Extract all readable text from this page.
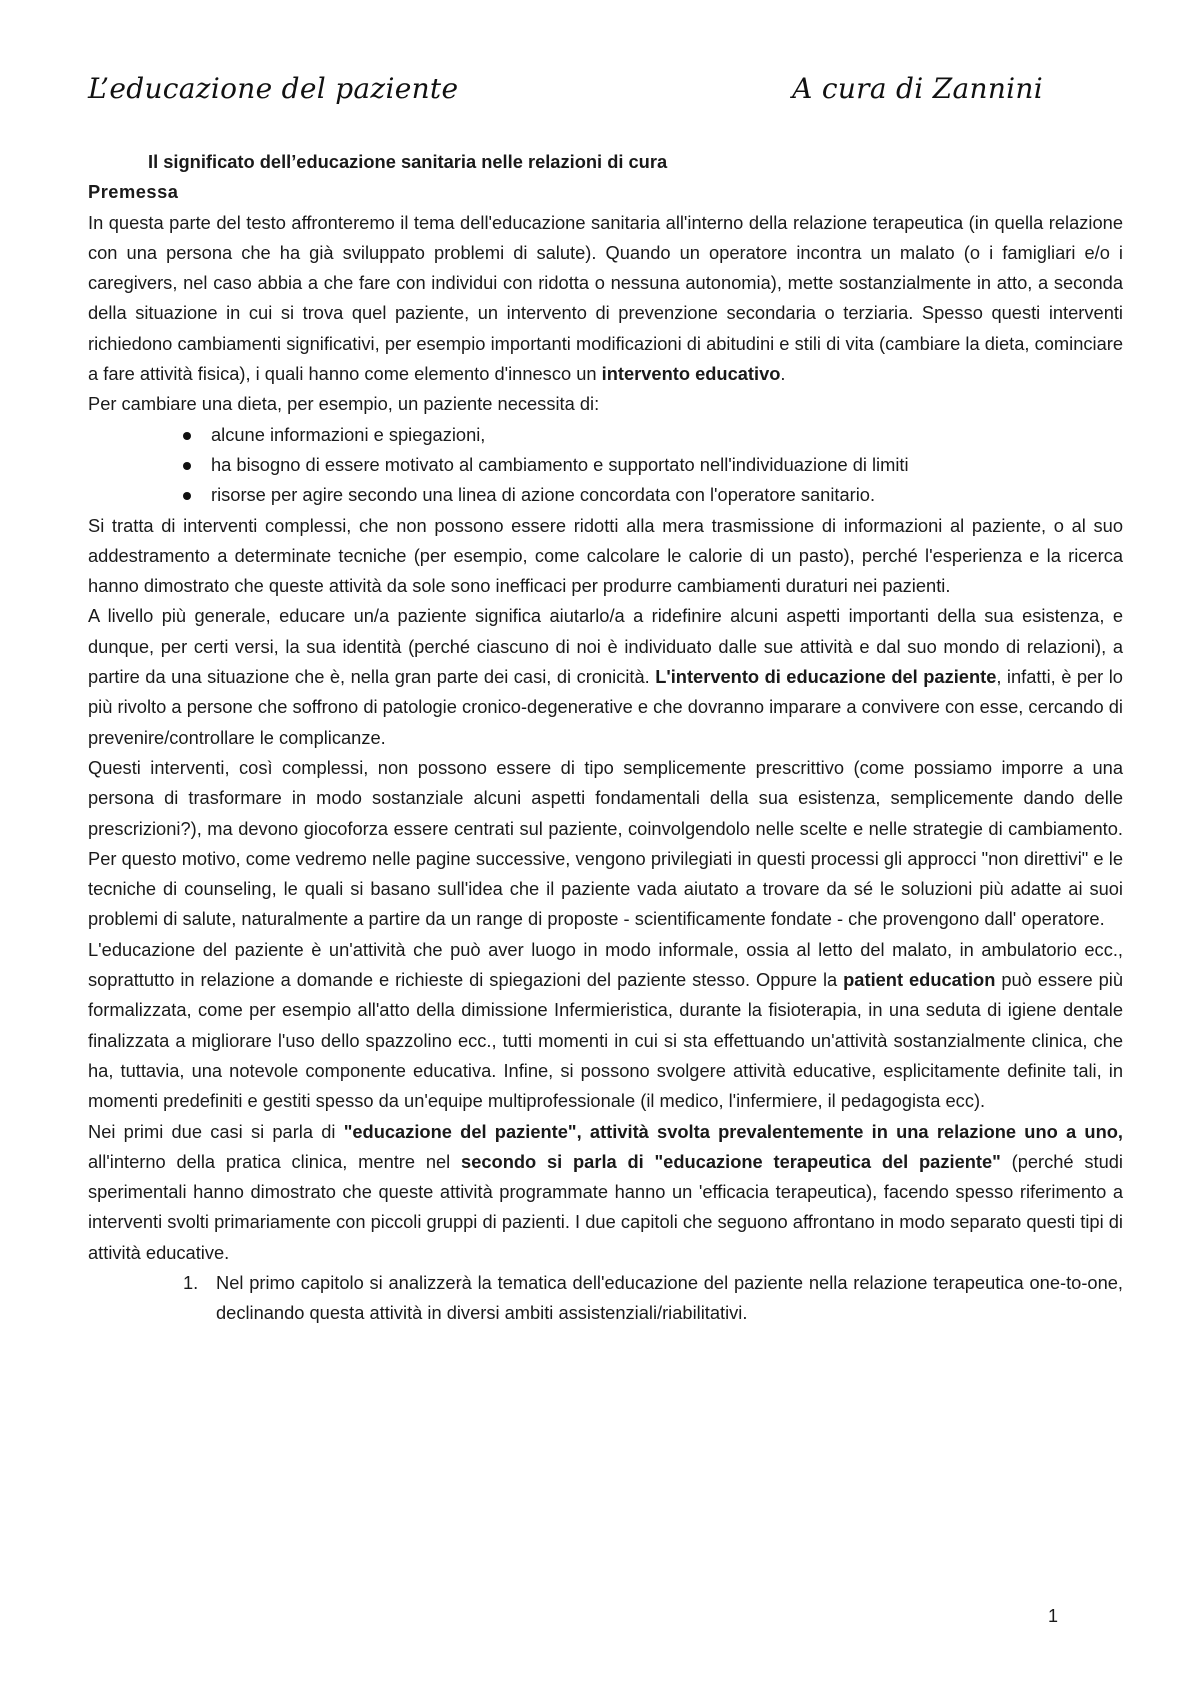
L’educazione del paziente	A cura di Zannini

Il significato dell’educazione sanitaria nelle relazioni di cura

Premessa

In questa parte del testo affronteremo il tema dell'educazione sanitaria all'interno della relazione terapeutica (in quella relazione con una persona che ha già sviluppato problemi di salute). Quando un operatore incontra un malato (o i famigliari e/o i caregivers, nel caso abbia a che fare con individui con ridotta o nessuna autonomia), mette sostanzialmente in atto, a seconda della situazione in cui si trova quel paziente, un intervento di prevenzione secondaria o terziaria. Spesso questi interventi richiedono cambiamenti significativi, per esempio importanti modificazioni di abitudini e stili di vita (cambiare la dieta, cominciare a fare attività fisica), i quali hanno come elemento d'innesco un intervento educativo.

Per cambiare una dieta, per esempio, un paziente necessita di:

alcune informazioni e spiegazioni,
ha bisogno di essere motivato al cambiamento e supportato nell'individuazione di limiti
risorse per agire secondo una linea di azione concordata con l'operatore sanitario.

Si tratta di interventi complessi, che non possono essere ridotti alla mera trasmissione di informazioni al paziente, o al suo addestramento a determinate tecniche (per esempio, come calcolare le calorie di un pasto), perché l'esperienza e la ricerca hanno dimostrato che queste attività da sole sono inefficaci per produrre cambiamenti duraturi nei pazienti.

A livello più generale, educare un/a paziente significa aiutarlo/a a ridefinire alcuni aspetti importanti della sua esistenza, e dunque, per certi versi, la sua identità (perché ciascuno di noi è individuato dalle sue attività e dal suo mondo di relazioni), a partire da una situazione che è, nella gran parte dei casi, di cronicità. L'intervento di educazione del paziente, infatti, è per lo più rivolto a persone che soffrono di patologie cronico-degenerative e che dovranno imparare a convivere con esse, cercando di prevenire/controllare le complicanze.

Questi interventi, così complessi, non possono essere di tipo semplicemente prescrittivo (come possiamo imporre a una persona di trasformare in modo sostanziale alcuni aspetti fondamentali della sua esistenza, semplicemente dando delle prescrizioni?), ma devono giocoforza essere centrati sul paziente, coinvolgendolo nelle scelte e nelle strategie di cambiamento. Per questo motivo, come vedremo nelle pagine successive, vengono privilegiati in questi processi gli approcci "non direttivi" e le tecniche di counseling, le quali si basano sull'idea che il paziente vada aiutato a trovare da sé le soluzioni più adatte ai suoi problemi di salute, naturalmente a partire da un range di proposte - scientificamente fondate - che provengono dall' operatore.

L'educazione del paziente è un'attività che può aver luogo in modo informale, ossia al letto del malato, in ambulatorio ecc., soprattutto in relazione a domande e richieste di spiegazioni del paziente stesso. Oppure la patient education può essere più formalizzata, come per esempio all'atto della dimissione Infermieristica, durante la fisioterapia, in una seduta di igiene dentale finalizzata a migliorare l'uso dello spazzolino ecc., tutti momenti in cui si sta effettuando un'attività sostanzialmente clinica, che ha, tuttavia, una notevole componente educativa. Infine, si possono svolgere attività educative, esplicitamente definite tali, in momenti predefiniti e gestiti spesso da un'equipe multiprofessionale (il medico, l'infermiere, il pedagogista ecc).

Nei primi due casi si parla di "educazione del paziente", attività svolta prevalentemente in una relazione uno a uno, all'interno della pratica clinica, mentre nel secondo si parla di "educazione terapeutica del paziente" (perché studi sperimentali hanno dimostrato che queste attività programmate hanno un 'efficacia terapeutica), facendo spesso riferimento a interventi svolti primariamente con piccoli gruppi di pazienti. I due capitoli che seguono affrontano in modo separato questi tipi di attività educative.

1. Nel primo capitolo si analizzerà la tematica dell'educazione del paziente nella relazione terapeutica one-to-one, declinando questa attività in diversi ambiti assistenziali/riabilitativi.
1
